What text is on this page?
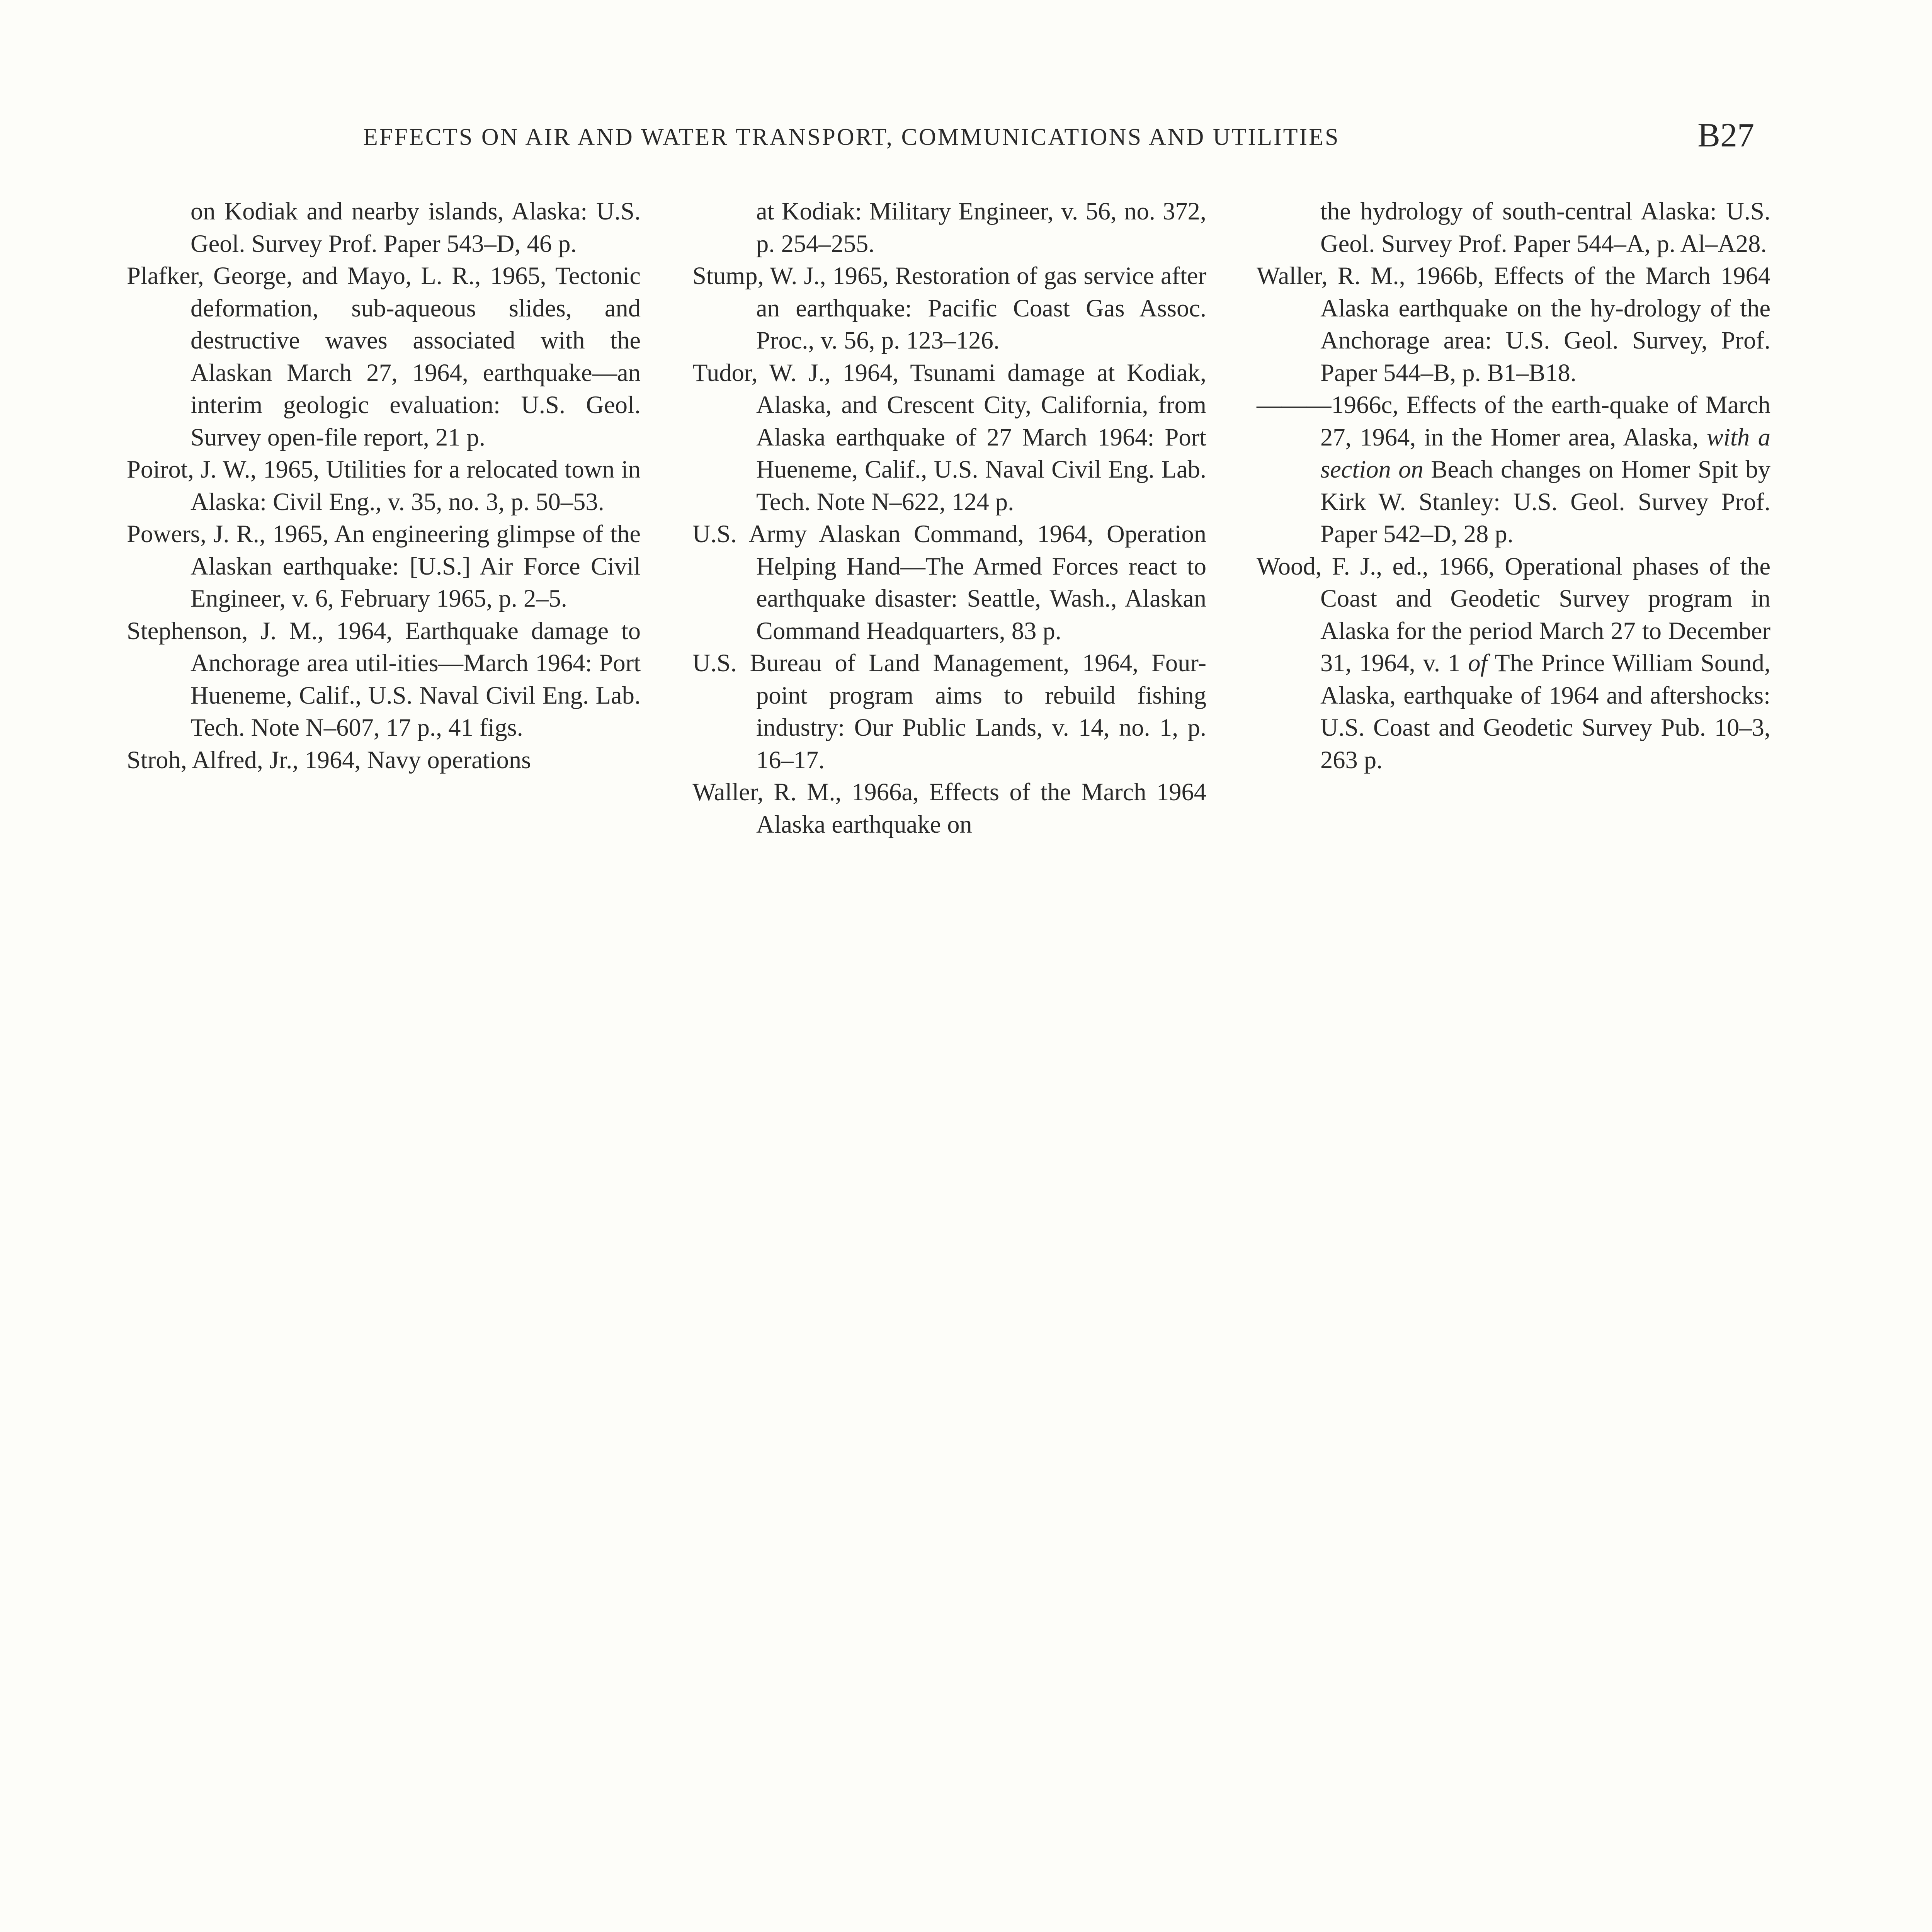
EFFECTS ON AIR AND WATER TRANSPORT, COMMUNICATIONS AND UTILITIES	B27

on Kodiak and nearby islands, Alaska: U.S. Geol. Survey Prof. Paper 543–D, 46 p.

Plafker, George, and Mayo, L. R., 1965, Tectonic deformation, sub-aqueous slides, and destructive waves associated with the Alaskan March 27, 1964, earthquake—an interim geologic evaluation: U.S. Geol. Survey open-file report, 21 p.

Poirot, J. W., 1965, Utilities for a relocated town in Alaska: Civil Eng., v. 35, no. 3, p. 50–53.

Powers, J. R., 1965, An engineering glimpse of the Alaskan earthquake: [U.S.] Air Force Civil Engineer, v. 6, February 1965, p. 2–5.

Stephenson, J. M., 1964, Earthquake damage to Anchorage area util-ities—March 1964: Port Hueneme, Calif., U.S. Naval Civil Eng. Lab. Tech. Note N–607, 17 p., 41 figs.

Stroh, Alfred, Jr., 1964, Navy operations

at Kodiak: Military Engineer, v. 56, no. 372, p. 254–255.

Stump, W. J., 1965, Restoration of gas service after an earthquake: Pacific Coast Gas Assoc. Proc., v. 56, p. 123–126.

Tudor, W. J., 1964, Tsunami damage at Kodiak, Alaska, and Crescent City, California, from Alaska earthquake of 27 March 1964: Port Hueneme, Calif., U.S. Naval Civil Eng. Lab. Tech. Note N–622, 124 p.

U.S. Army Alaskan Command, 1964, Operation Helping Hand—The Armed Forces react to earthquake disaster: Seattle, Wash., Alaskan Command Headquarters, 83 p.

U.S. Bureau of Land Management, 1964, Four-point program aims to rebuild fishing industry: Our Public Lands, v. 14, no. 1, p. 16–17.

Waller, R. M., 1966a, Effects of the March 1964 Alaska earthquake on

the hydrology of south-central Alaska: U.S. Geol. Survey Prof. Paper 544–A, p. Al–A28.

Waller, R. M., 1966b, Effects of the March 1964 Alaska earthquake on the hy-drology of the Anchorage area: U.S. Geol. Survey, Prof. Paper 544–B, p. B1–B18.

———1966c, Effects of the earth-quake of March 27, 1964, in the Homer area, Alaska, with a section on Beach changes on Homer Spit by Kirk W. Stanley: U.S. Geol. Survey Prof. Paper 542–D, 28 p.

Wood, F. J., ed., 1966, Operational phases of the Coast and Geodetic Survey program in Alaska for the period March 27 to December 31, 1964, v. 1 of The Prince William Sound, Alaska, earthquake of 1964 and aftershocks: U.S. Coast and Geodetic Survey Pub. 10–3, 263 p.
